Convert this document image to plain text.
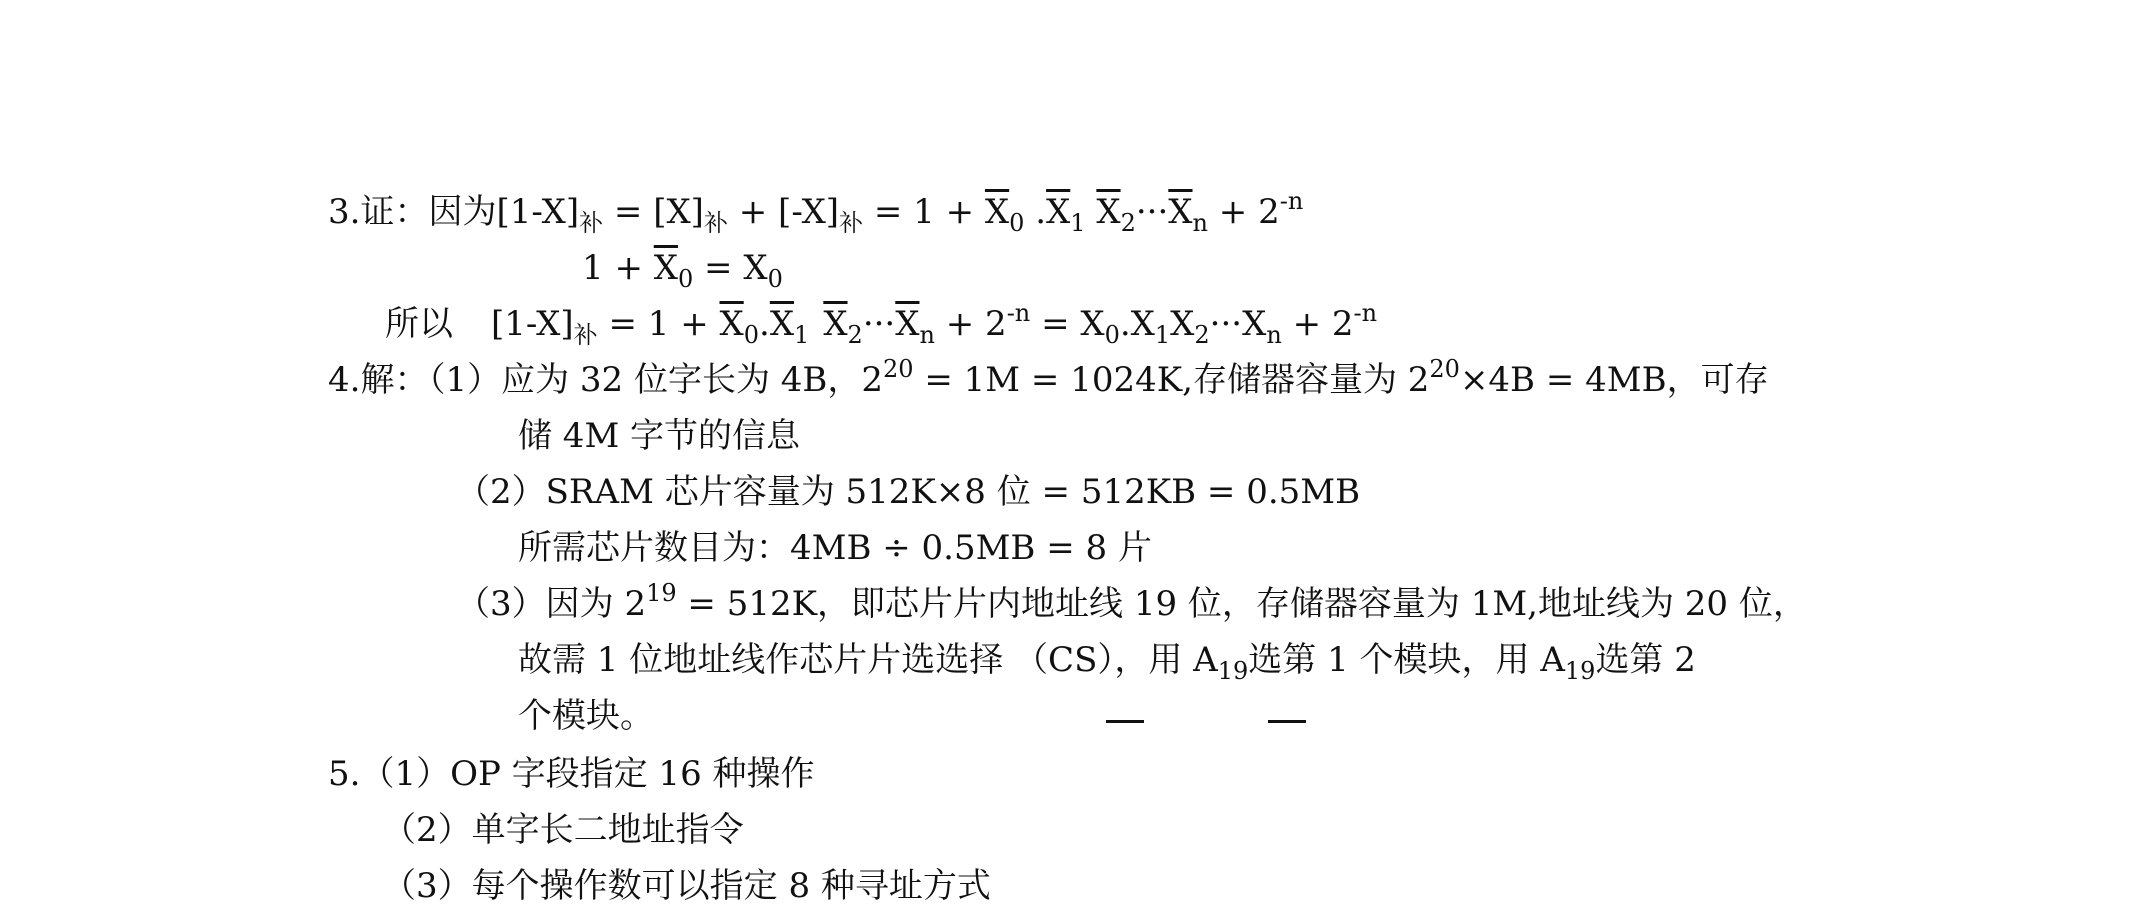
3.证：因为$[1-X]_补 = [X]_补 + [-X]_补 = 1 + \overline{X}_0$ $.\overline{X}_1$ $\overline{X}_2\cdot\cdot\cdot\overline{X}_n + 2^{-n}$
$1 + \overline{X}_0 = X_0$
所以 $[1-X]_补 = 1 + \overline{X}_0.\overline{X}_1$ $\overline{X}_2\cdot\cdot\cdot\overline{X}_n + 2^{-n} = X_0.X_1X_2\cdot\cdot\cdot X_n + 2^{-n}$
4.解：（1）应为 32 位字长为 4B，$2^{20} = 1M = 1024K$,存储器容量为 $2^{20}\times 4B = 4MB$，可存
储 4M 字节的信息
（2）SRAM 芯片容量为 512K×8 位 = 512KB = 0.5MB
所需芯片数目为：4MB ÷ 0.5MB = 8 片
（3）因为 $2^{19} = 512K$，即芯片片内地址线 19 位，存储器容量为 1M,地址线为 20 位，
故需 1 位地址线作芯片片选选择 （CS），用 $A_{19}$选第 1 个模块，用 $A_{19}$选第 2
个模块。
5.（1）OP 字段指定 16 种操作
（2）单字长二地址指令
（3）每个操作数可以指定 8 种寻址方式
